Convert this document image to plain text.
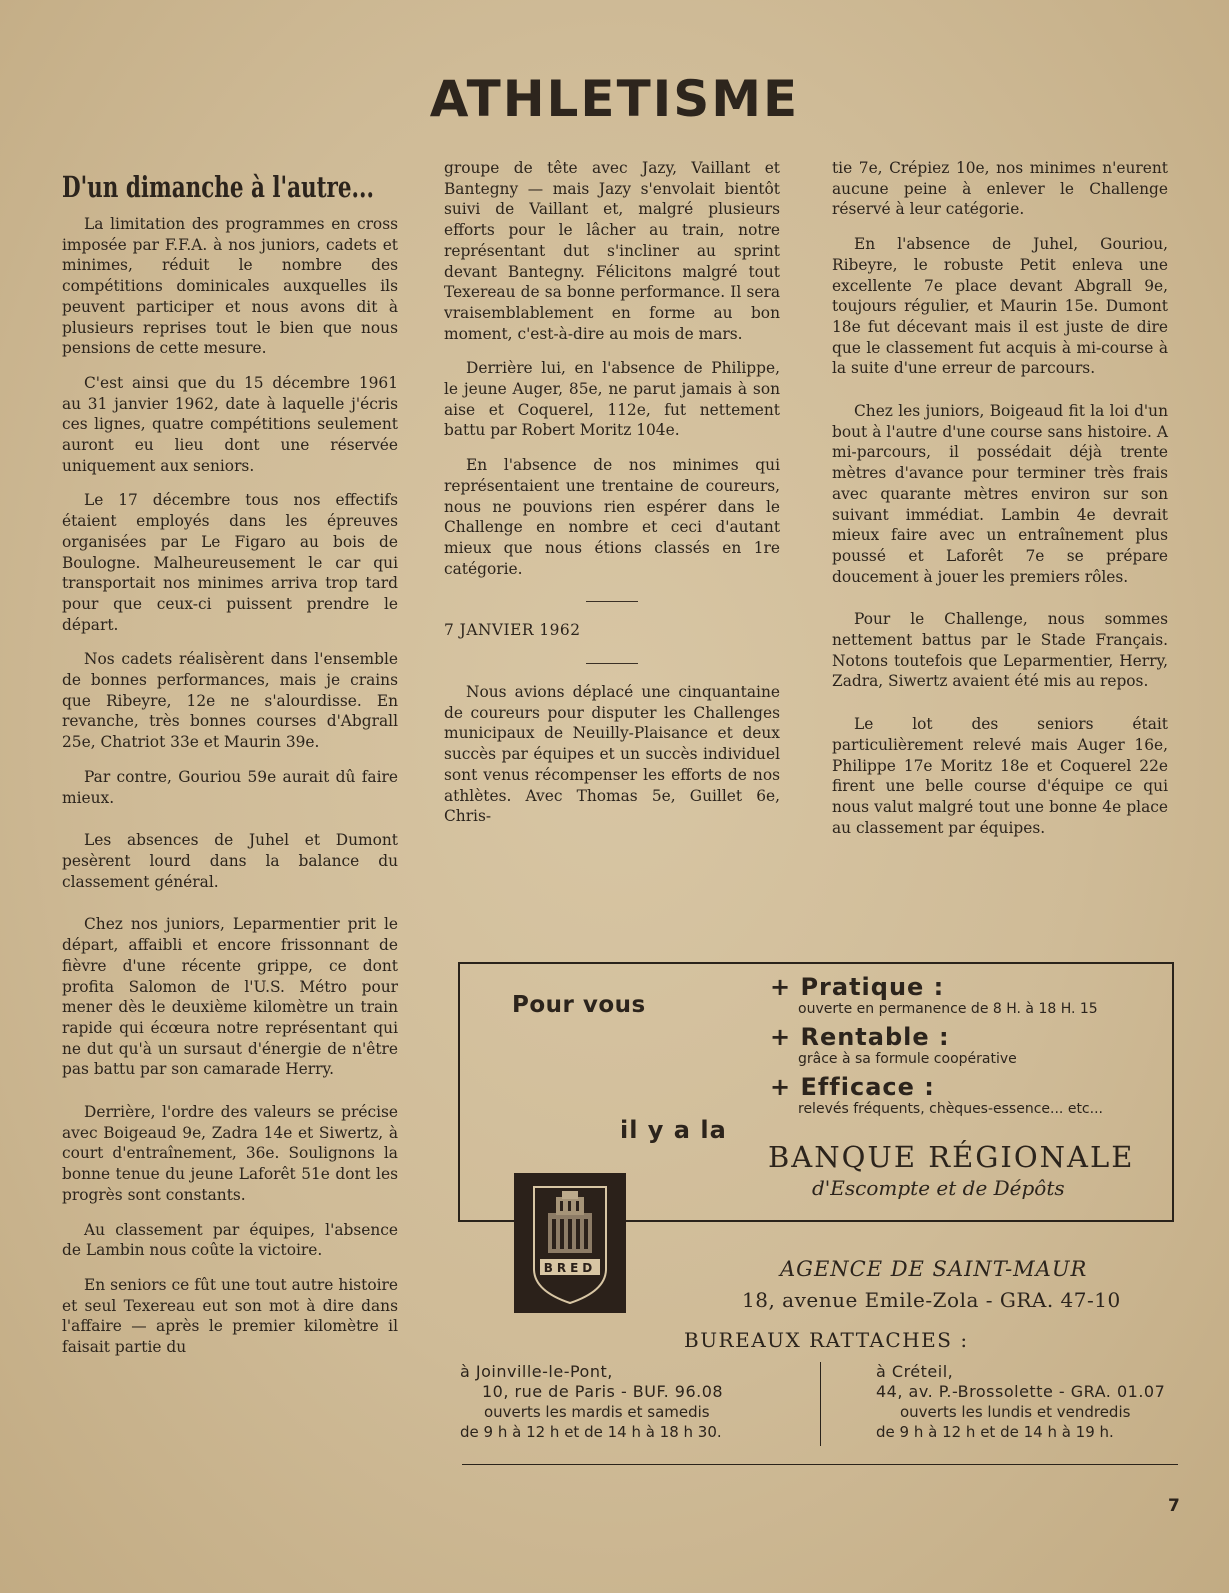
ATHLETISME
D'un dimanche à l'autre...

La limitation des programmes en cross imposée par F.F.A. à nos juniors, cadets et minimes, réduit le nombre des compétitions dominicales auxquelles ils peuvent participer et nous avons dit à plusieurs reprises tout le bien que nous pensions de cette mesure.

C'est ainsi que du 15 décembre 1961 au 31 janvier 1962, date à laquelle j'écris ces lignes, quatre compétitions seulement auront eu lieu dont une réservée uniquement aux seniors.

Le 17 décembre tous nos effectifs étaient employés dans les épreuves organisées par Le Figaro au bois de Boulogne. Malheureusement le car qui transportait nos minimes arriva trop tard pour que ceux-ci puissent prendre le départ.

Nos cadets réalisèrent dans l'ensemble de bonnes performances, mais je crains que Ribeyre, 12e ne s'alourdisse. En revanche, très bonnes courses d'Abgrall 25e, Chatriot 33e et Maurin 39e.

Par contre, Gouriou 59e aurait dû faire mieux.

Les absences de Juhel et Dumont pesèrent lourd dans la balance du classement général.

Chez nos juniors, Leparmentier prit le départ, affaibli et encore frissonnant de fièvre d'une récente grippe, ce dont profita Salomon de l'U.S. Métro pour mener dès le deuxième kilomètre un train rapide qui écœura notre représentant qui ne dut qu'à un sursaut d'énergie de n'être pas battu par son camarade Herry.

Derrière, l'ordre des valeurs se précise avec Boigeaud 9e, Zadra 14e et Siwertz, à court d'entraînement, 36e. Soulignons la bonne tenue du jeune Laforêt 51e dont les progrès sont constants.

Au classement par équipes, l'absence de Lambin nous coûte la victoire.

En seniors ce fût une tout autre histoire et seul Texereau eut son mot à dire dans l'affaire — après le premier kilomètre il faisait partie du

groupe de tête avec Jazy, Vaillant et Bantegny — mais Jazy s'envolait bientôt suivi de Vaillant et, malgré plusieurs efforts pour le lâcher au train, notre représentant dut s'incliner au sprint devant Bantegny. Félicitons malgré tout Texereau de sa bonne performance. Il sera vraisemblablement en forme au bon moment, c'est-à-dire au mois de mars.

Derrière lui, en l'absence de Philippe, le jeune Auger, 85e, ne parut jamais à son aise et Coquerel, 112e, fut nettement battu par Robert Moritz 104e.

En l'absence de nos minimes qui représentaient une trentaine de coureurs, nous ne pouvions rien espérer dans le Challenge en nombre et ceci d'autant mieux que nous étions classés en 1re catégorie.

7 JANVIER 1962

Nous avions déplacé une cinquantaine de coureurs pour disputer les Challenges municipaux de Neuilly-Plaisance et deux succès par équipes et un succès individuel sont venus récompenser les efforts de nos athlètes. Avec Thomas 5e, Guillet 6e, Chris-

tie 7e, Crépiez 10e, nos minimes n'eurent aucune peine à enlever le Challenge réservé à leur catégorie.

En l'absence de Juhel, Gouriou, Ribeyre, le robuste Petit enleva une excellente 7e place devant Abgrall 9e, toujours régulier, et Maurin 15e. Dumont 18e fut décevant mais il est juste de dire que le classement fut acquis à mi-course à la suite d'une erreur de parcours.

Chez les juniors, Boigeaud fit la loi d'un bout à l'autre d'une course sans histoire. A mi-parcours, il possédait déjà trente mètres d'avance pour terminer très frais avec quarante mètres environ sur son suivant immédiat. Lambin 4e devrait mieux faire avec un entraînement plus poussé et Laforêt 7e se prépare doucement à jouer les premiers rôles.

Pour le Challenge, nous sommes nettement battus par le Stade Français. Notons toutefois que Leparmentier, Herry, Zadra, Siwertz avaient été mis au repos.

Le lot des seniors était particulièrement relevé mais Auger 16e, Philippe 17e Moritz 18e et Coquerel 22e firent une belle course d'équipe ce qui nous valut malgré tout une bonne 4e place au classement par équipes.

Pour vous
+ Pratique :
ouverte en permanence de 8 H. à 18 H. 15
+ Rentable :
grâce à sa formule coopérative
+ Efficace :
relevés fréquents, chèques-essence... etc...
il y a la
BANQUE RÉGIONALE
d'Escompte et de Dépôts
BRED	AGENCE DE SAINT-MAUR
18, avenue Emile-Zola - GRA. 47-10
BUREAUX RATTACHES :
à Joinville-le-Pont,
10, rue de Paris - BUF. 96.08
ouverts les mardis et samedis
de 9 h à 12 h et de 14 h à 18 h 30.
à Créteil,
44, av. P.-Brossolette - GRA. 01.07
ouverts les lundis et vendredis
de 9 h à 12 h et de 14 h à 19 h.
7
